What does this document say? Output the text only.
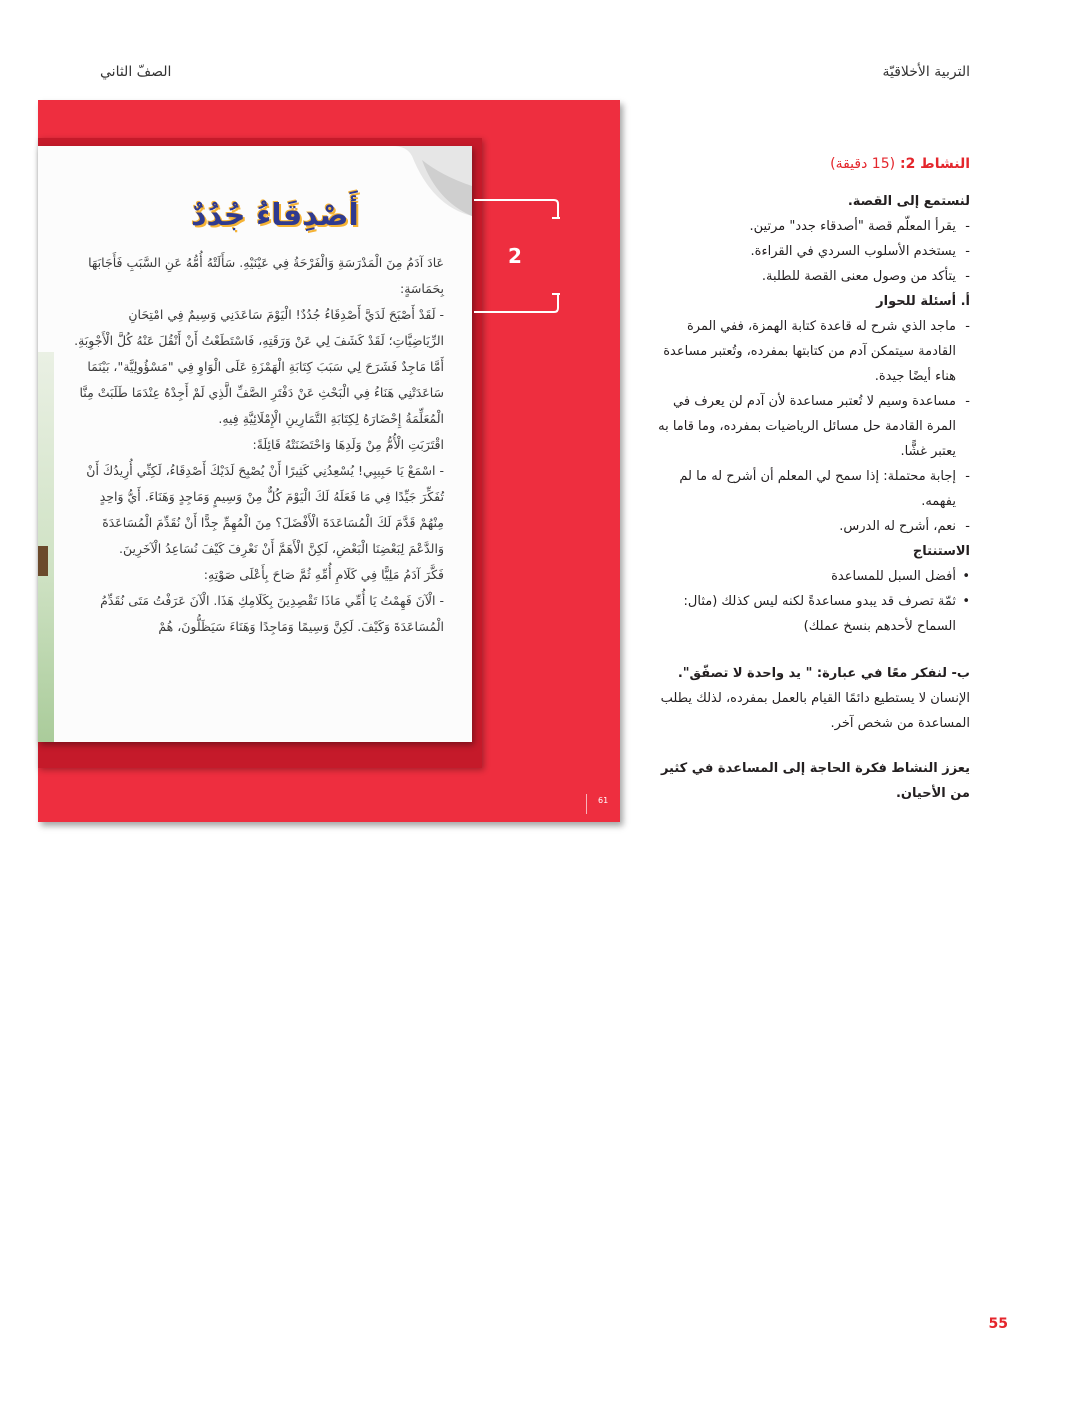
التربية الأخلاقيّة
الصفّ الثاني
أَصْدِقَاءُ جُدُدٌ

عَادَ آدَمُ مِنَ الْمَدْرَسَةِ وَالْفَرْحَةُ فِي عَيْنَيْهِ. سَأَلَتْهُ أُمُّهُ عَنِ السَّبَبِ فَأَجَابَهَا بِحَمَاسَةٍ:

- لَقَدْ أَصْبَحَ لَدَيَّ أَصْدِقَاءُ جُدُدٌ! الْيَوْمَ سَاعَدَنِي وَسِيمٌ فِي امْتِحَانِ الرِّيَاضِيَّاتِ؛ لَقَدْ كَشَفَ لِي عَنْ وَرَقَتِهِ، فَاسْتَطَعْتُ أَنْ أَنْقُلَ عَنْهُ كُلَّ الْأَجْوِبَةِ. أَمَّا مَاجِدٌ فَشَرَحَ لِي سَبَبَ كِتَابَةِ الْهَمْزَةِ عَلَى الْوَاوِ فِي "مَسْؤُولِيَّة"، بَيْنَمَا سَاعَدَتْنِي هَنَاءُ فِي الْبَحْثِ عَنْ دَفْتَرِ الصَّفِّ الَّذِي لَمْ أَجِدْهُ عِنْدَمَا طَلَبَتْ مِنَّا الْمُعَلِّمَةُ إِحْضَارَهُ لِكِتَابَةِ التَّمَارِينِ الْإِمْلَائِيَّةِ فِيهِ.

اقْتَرَبَتِ الْأُمُّ مِنْ وَلَدِهَا وَاحْتَضَنَتْهُ قَائِلَةً:

- اسْمَعْ يَا حَبِيبِي! يُسْعِدُنِي كَثِيرًا أَنْ يُصْبِحَ لَدَيْكَ أَصْدِقَاءُ، لَكِنِّي أُرِيدُكَ أَنْ تُفَكِّرَ جَيِّدًا فِي مَا فَعَلَهُ لَكَ الْيَوْمَ كُلٌّ مِنْ وَسِيمٍ وَمَاجِدٍ وَهَنَاءَ. أَيُّ وَاحِدٍ مِنْهُمْ قَدَّمَ لَكَ الْمُسَاعَدَةَ الْأَفْضَلَ؟ مِنَ الْمُهِمِّ جِدًّا أَنْ نُقَدِّمَ الْمُسَاعَدَةَ وَالدَّعْمَ لِبَعْضِنَا الْبَعْضِ، لَكِنَّ الْأَهَمَّ أَنْ نَعْرِفَ كَيْفَ نُسَاعِدُ الْآخَرِينَ.

فَكَّرَ آدَمُ مَلِيًّا فِي كَلَامِ أُمِّهِ ثُمَّ صَاحَ بِأَعْلَى صَوْتِهِ:

- الْآنَ فَهِمْتُ يَا أُمِّي مَاذَا تَقْصِدِينَ بِكَلَامِكِ هَذَا. الْآنَ عَرَفْتُ مَتَى نُقَدِّمُ الْمُسَاعَدَةَ وَكَيْفَ. لَكِنَّ وَسِيمًا وَمَاجِدًا وَهَنَاءَ سَيَظَلُّونَ، هُمْ

2
61

النشاط 2: (15 دقيقة)

لنستمع إلى القصة.

- يقرأ المعلّم قصة "أصدقاء جدد" مرتين.

- يستخدم الأسلوب السردي في القراءة.

- يتأكد من وصول معنى القصة للطلبة.

أ. أسئلة للحوار

- ماجد الذي شرح له قاعدة كتابة الهمزة، ففي المرة القادمة سيتمكن آدم من كتابتها بمفرده، وتُعتبر مساعدة هناء أيضًا جيدة.

- مساعدة وسيم لا تُعتبر مساعدة لأن آدم لن يعرف في المرة القادمة حل مسائل الرياضيات بمفرده، وما قاما به يعتبر غشًّا.

- إجابة محتملة: إذا سمح لي المعلم أن أشرح له ما لم يفهمه.

- نعم، أشرح له الدرس.

الاستنتاج

• أفضل السبل للمساعدة

• ثمّة تصرف قد يبدو مساعدةً لكنه ليس كذلك (مثال: السماح لأحدهم بنسخ عملك)

ب- لنفكر معًا في عبارة: " يد واحدة لا تصفّق".

الإنسان لا يستطيع دائمًا القيام بالعمل بمفرده، لذلك يطلب المساعدة من شخص آخر.

يعزز النشاط فكرة الحاجة إلى المساعدة في كثير من الأحيان.

55
